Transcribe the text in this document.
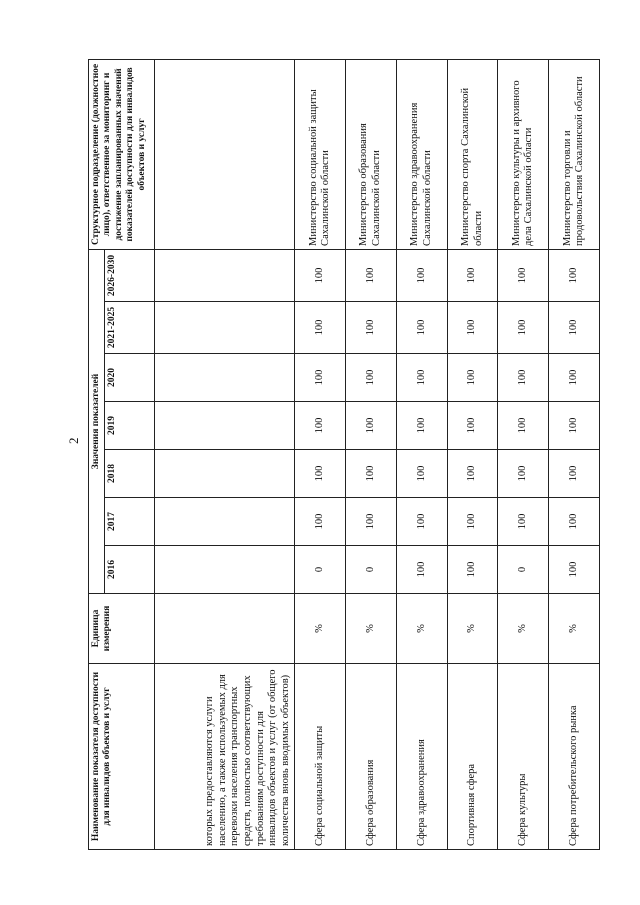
2
Наименование показателя доступности для инвалидов объектов и услуг	Единица измерения	Значения показателей							Структурное подразделение (должностное лицо), ответственное за мониторинг и достижение запланированных значений показателей доступности для инвалидов объектов и услуг
		2016	2017	2018	2019	2020	2021-2025	2026-2030	
которых предоставляются услуги населению, а также используемых для перевозки населения транспортных средств, полностью соответствующих требованиям доступности для инвалидов объектов и услуг (от общего количества вновь вводимых объектов)									
Сфера социальной защиты	%	0	100	100	100	100	100	100	Министерство социальной защиты Сахалинской области
Сфера образования	%	0	100	100	100	100	100	100	Министерство образования Сахалинской области
Сфера здравоохранения	%	100	100	100	100	100	100	100	Министерство здравоохранения Сахалинской области
Спортивная сфера	%	100	100	100	100	100	100	100	Министерство спорта Сахалинской области
Сфера культуры	%	0	100	100	100	100	100	100	Министерство культуры и архивного дела Сахалинской области
Сфера потребительского рынка	%	100	100	100	100	100	100	100	Министерство торговли и продовольствия Сахалинской области
